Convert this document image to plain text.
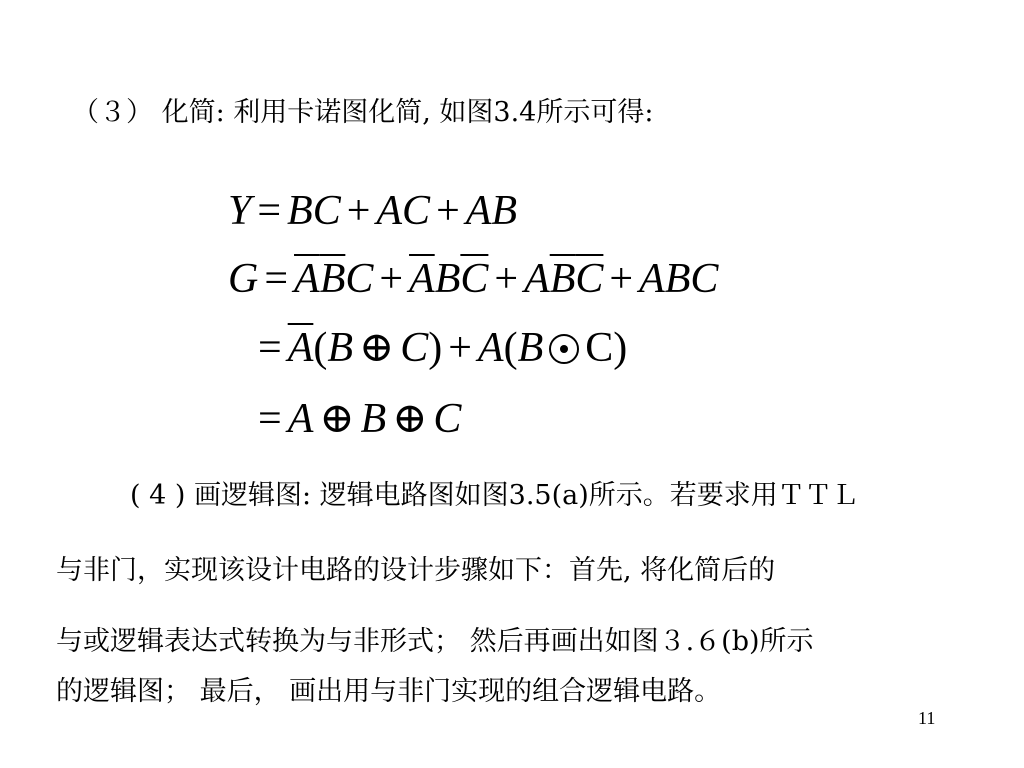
（３） 化简: 利用卡诺图化简, 如图3.4所示可得:
Y = BC + AC + AB
$G = \overline{A}\overline{B}C + \overline{A}B\overline{C} + A\overline{B}\overline{C}$ + ABC
= $\overline{A}(B$ ⊕ C) + A(B C)
= A ⊕ B ⊕ C
( 4 ) 画逻辑图: 逻辑电路图如图3.5(a)所示。若要求用ＴＴＬ
与非门，实现该设计电路的设计步骤如下：首先, 将化简后的
与或逻辑表达式转换为与非形式； 然后再画出如图３.６(b)所示
的逻辑图； 最后， 画出用与非门实现的组合逻辑电路。
11
